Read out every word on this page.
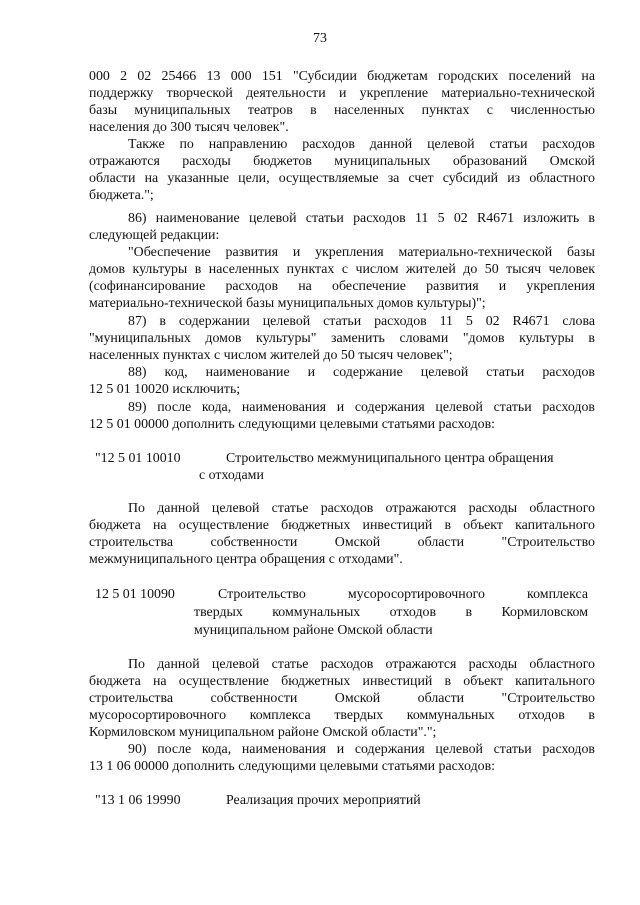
73
000 2 02 25466 13 000 151 "Субсидии бюджетам городских поселений на
поддержку творческой деятельности и укрепление материально-технической
базы муниципальных театров в населенных пунктах с численностью
населения до 300 тысяч человек".
Также по направлению расходов данной целевой статьи расходов
отражаются расходы бюджетов муниципальных образований Омской
области на указанные цели, осуществляемые за счет субсидий из областного
бюджета.";
86) наименование целевой статьи расходов 11 5 02 R4671 изложить в
следующей редакции:
"Обеспечение развития и укрепления материально-технической базы
домов культуры в населенных пунктах с числом жителей до 50 тысяч человек
(софинансирование расходов на обеспечение развития и укрепления
материально-технической базы муниципальных домов культуры)";
87) в содержании целевой статьи расходов 11 5 02 R4671 слова
"муниципальных домов культуры" заменить словами "домов культуры в
населенных пунктах с числом жителей до 50 тысяч человек";
88) код, наименование и содержание целевой статьи расходов
12 5 01 10020 исключить;
89) после кода, наименования и содержания целевой статьи расходов
12 5 01 00000 дополнить следующими целевыми статьями расходов:
"12 5 01 10010	Строительство межмуниципального центра обращения
с отходами
По данной целевой статье расходов отражаются расходы областного
бюджета на осуществление бюджетных инвестиций в объект капитального
строительства собственности Омской области "Строительство
межмуниципального центра обращения с отходами".
12 5 01 10090	Строительство мусоросортировочного комплекса
твердых коммунальных отходов в Кормиловском
муниципальном районе Омской области
По данной целевой статье расходов отражаются расходы областного
бюджета на осуществление бюджетных инвестиций в объект капитального
строительства собственности Омской области "Строительство
мусоросортировочного комплекса твердых коммунальных отходов в
Кормиловском муниципальном районе Омской области".";
90) после кода, наименования и содержания целевой статьи расходов
13 1 06 00000 дополнить следующими целевыми статьями расходов:
"13 1 06 19990	Реализация прочих мероприятий
